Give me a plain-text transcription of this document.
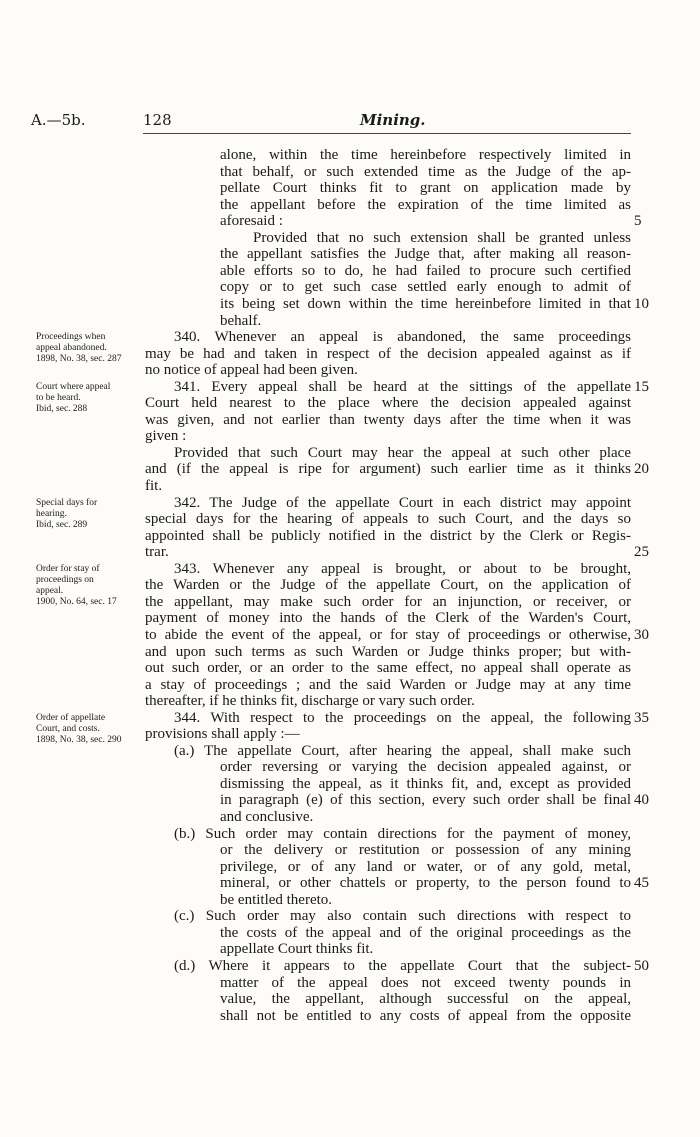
A.—5b.	128	Mining.
alone, within the time hereinbefore respectively limited in
that behalf, or such extended time as the Judge of the ap-
pellate Court thinks fit to grant on application made by
the appellant before the expiration of the time limited as
aforesaid :	5
Provided that no such extension shall be granted unless
the appellant satisfies the Judge that, after making all reason-
able efforts so to do, he had failed to procure such certified
copy or to get such case settled early enough to admit of
its being set down within the time hereinbefore limited in that 10
behalf.
340. Whenever an appeal is abandoned, the same proceedings
may be had and taken in respect of the decision appealed against as if
no notice of appeal had been given.
341. Every appeal shall be heard at the sittings of the appellate 15
Court held nearest to the place where the decision appealed against
was given, and not earlier than twenty days after the time when it was
given :
Provided that such Court may hear the appeal at such other place
and (if the appeal is ripe for argument) such earlier time as it thinks 20
fit.
342. The Judge of the appellate Court in each district may appoint
special days for the hearing of appeals to such Court, and the days so
appointed shall be publicly notified in the district by the Clerk or Regis-
trar.	25
343. Whenever any appeal is brought, or about to be brought,
the Warden or the Judge of the appellate Court, on the application of
the appellant, may make such order for an injunction, or receiver, or
payment of money into the hands of the Clerk of the Warden's Court,
to abide the event of the appeal, or for stay of proceedings or otherwise, 30
and upon such terms as such Warden or Judge thinks proper; but with-
out such order, or an order to the same effect, no appeal shall operate as
a stay of proceedings ; and the said Warden or Judge may at any time
thereafter, if he thinks fit, discharge or vary such order.
344. With respect to the proceedings on the appeal, the following 35
provisions shall apply :—
(a.) The appellate Court, after hearing the appeal, shall make such
order reversing or varying the decision appealed against, or
dismissing the appeal, as it thinks fit, and, except as provided
in paragraph (e) of this section, every such order shall be final 40
and conclusive.
(b.) Such order may contain directions for the payment of money,
or the delivery or restitution or possession of any mining
privilege, or of any land or water, or of any gold, metal,
mineral, or other chattels or property, to the person found to 45
be entitled thereto.
(c.) Such order may also contain such directions with respect to
the costs of the appeal and of the original proceedings as the
appellate Court thinks fit.
(d.) Where it appears to the appellate Court that the subject- 50
matter of the appeal does not exceed twenty pounds in
value, the appellant, although successful on the appeal,
shall not be entitled to any costs of appeal from the opposite
Proceedings when
appeal abandoned.
1898, No. 38, sec. 287
Court where appeal
to be heard.
Ibid, sec. 288
Special days for
hearing.
Ibid, sec. 289
Order for stay of
proceedings on
appeal.
1900, No. 64, sec. 17
Order of appellate
Court, and costs.
1898, No. 38, sec. 290
